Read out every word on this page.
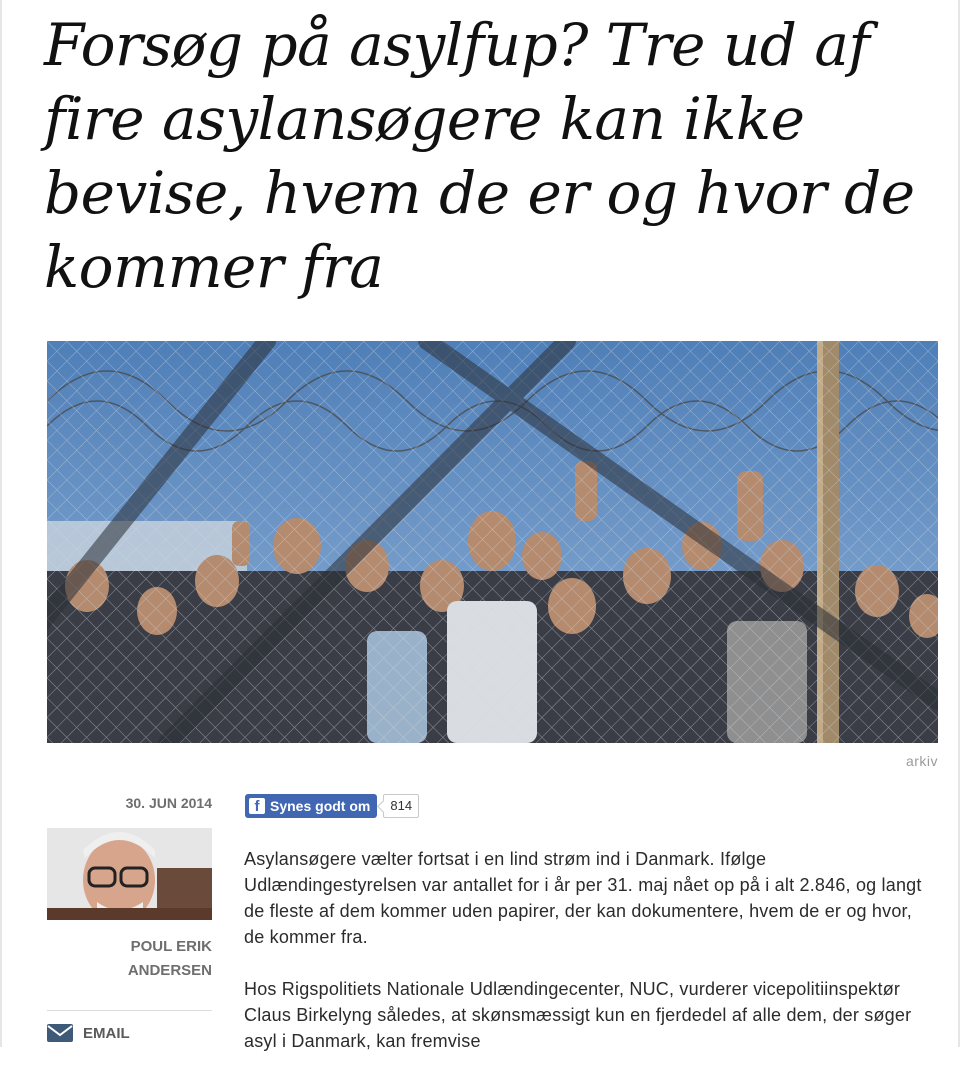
Forsøg på asylfup? Tre ud af fire asylansøgere kan ikke bevise, hvem de er og hvor de kommer fra
arkiv
30. JUN 2014
POUL ERIK
ANDERSEN
EMAIL
f Synes godt om	814

Asylansøgere vælter fortsat i en lind strøm ind i Danmark. Ifølge Udlændingestyrelsen var antallet for i år per 31. maj nået op på i alt 2.846, og langt de fleste af dem kommer uden papirer, der kan dokumentere, hvem de er og hvor, de kommer fra.

Hos Rigspolitiets Nationale Udlændingecenter, NUC, vurderer vicepolitiinspektør Claus Birkelyng således, at skønsmæssigt kun en fjerdedel af alle dem, der søger asyl i Danmark, kan fremvise
